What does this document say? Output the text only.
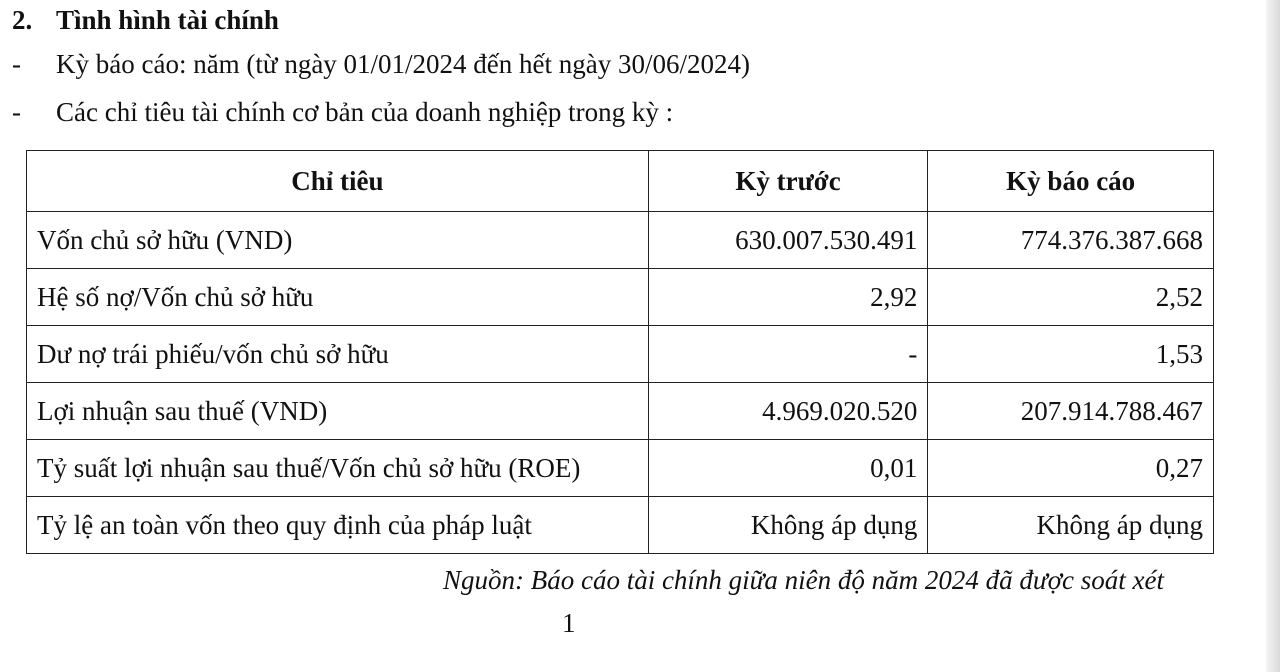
2. Tình hình tài chính
- Kỳ báo cáo: năm (từ ngày 01/01/2024 đến hết ngày 30/06/2024)
- Các chỉ tiêu tài chính cơ bản của doanh nghiệp trong kỳ :
Chỉ tiêu	Kỳ trước	Kỳ báo cáo
Vốn chủ sở hữu (VND)	630.007.530.491	774.376.387.668
Hệ số nợ/Vốn chủ sở hữu	2,92	2,52
Dư nợ trái phiếu/vốn chủ sở hữu	-	1,53
Lợi nhuận sau thuế (VND)	4.969.020.520	207.914.788.467
Tỷ suất lợi nhuận sau thuế/Vốn chủ sở hữu (ROE)	0,01	0,27
Tỷ lệ an toàn vốn theo quy định của pháp luật	Không áp dụng	Không áp dụng
Nguồn: Báo cáo tài chính giữa niên độ năm 2024 đã được soát xét
1
